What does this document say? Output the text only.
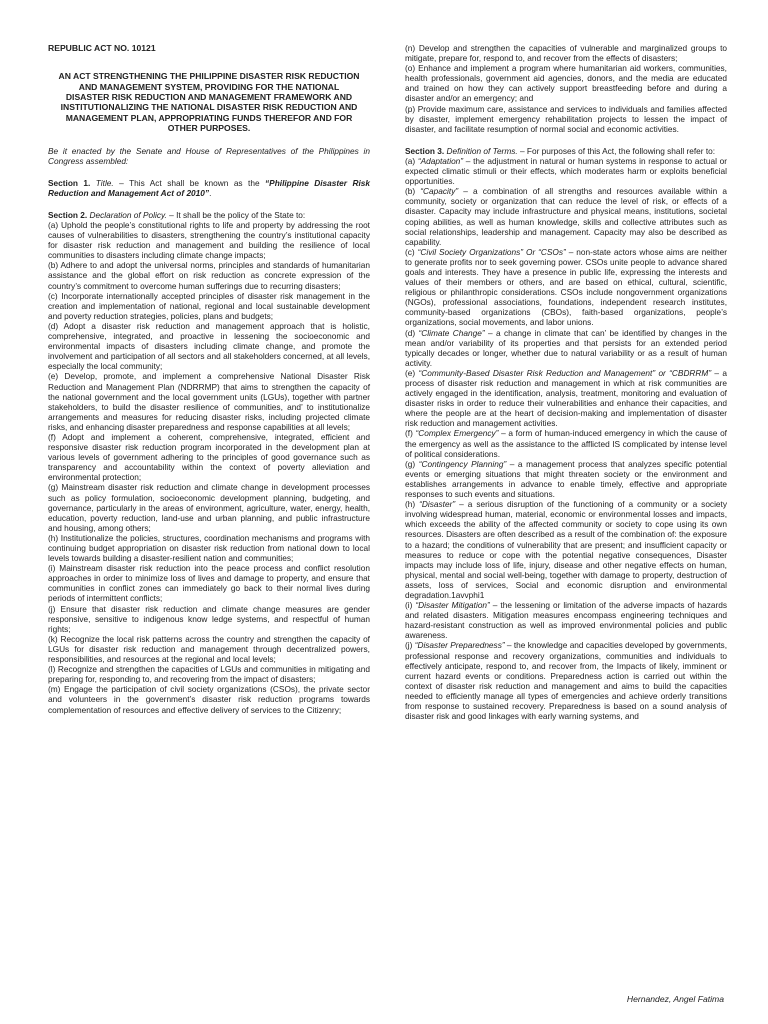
REPUBLIC ACT NO. 10121

AN ACT STRENGTHENING THE PHILIPPINE DISASTER RISK REDUCTION AND MANAGEMENT SYSTEM, PROVIDING FOR THE NATIONAL DISASTER RISK REDUCTION AND MANAGEMENT FRAMEWORK AND INSTITUTIONALIZING THE NATIONAL DISASTER RISK REDUCTION AND MANAGEMENT PLAN, APPROPRIATING FUNDS THEREFOR AND FOR OTHER PURPOSES.

Be it enacted by the Senate and House of Representatives of the Philippines in Congress assembled:

Section 1. Title. – This Act shall be known as the “Philippine Disaster Risk Reduction and Management Act of 2010”.

Section 2. Declaration of Policy. – It shall be the policy of the State to:

(a) Uphold the people’s constitutional rights to life and property by addressing the root causes of vulnerabilities to disasters, strengthening the country’s institutional capacity for disaster risk reduction and management and building the resilience of local communities to disasters including climate change impacts;

(b) Adhere to and adopt the universal norms, principles and standards of humanitarian assistance and the global effort on risk reduction as concrete expression of the country’s commitment to overcome human sufferings due to recurring disasters;

(c) Incorporate internationally accepted principles of disaster risk management in the creation and implementation of national, regional and local sustainable development and poverty reduction strategies, policies, plans and budgets;

(d) Adopt a disaster risk reduction and management approach that is holistic, comprehensive, integrated, and proactive in lessening the socioeconomic and environmental impacts of disasters including climate change, and promote the involvement and participation of all sectors and all stakeholders concerned, at all levels, especially the local community;

(e) Develop, promote, and implement a comprehensive National Disaster Risk Reduction and Management Plan (NDRRMP) that aims to strengthen the capacity of the national government and the local government units (LGUs), together with partner stakeholders, to build the disaster resilience of communities, and’ to institutionalize arrangements and measures for reducing disaster risks, including projected climate risks, and enhancing disaster preparedness and response capabilities at all levels;

(f) Adopt and implement a coherent, comprehensive, integrated, efficient and responsive disaster risk reduction program incorporated in the development plan at various levels of government adhering to the principles of good governance such as transparency and accountability within the context of poverty alleviation and environmental protection;

(g) Mainstream disaster risk reduction and climate change in development processes such as policy formulation, socioeconomic development planning, budgeting, and governance, particularly in the areas of environment, agriculture, water, energy, health, education, poverty reduction, land-use and urban planning, and public infrastructure and housing, among others;

(h) Institutionalize the policies, structures, coordination mechanisms and programs with continuing budget appropriation on disaster risk reduction from national down to local levels towards building a disaster-resilient nation and communities;

(i) Mainstream disaster risk reduction into the peace process and conflict resolution approaches in order to minimize loss of lives and damage to property, and ensure that communities in conflict zones can immediately go back to their normal lives during periods of intermittent conflicts;

(j) Ensure that disaster risk reduction and climate change measures are gender responsive, sensitive to indigenous know ledge systems, and respectful of human rights;

(k) Recognize the local risk patterns across the country and strengthen the capacity of LGUs for disaster risk reduction and management through decentralized powers, responsibilities, and resources at the regional and local levels;

(l) Recognize and strengthen the capacities of LGUs and communities in mitigating and preparing for, responding to, and recovering from the impact of disasters;

(m) Engage the participation of civil society organizations (CSOs), the private sector and volunteers in the government’s disaster risk reduction programs towards complementation of resources and effective delivery of services to the Citizenry;

(n) Develop and strengthen the capacities of vulnerable and marginalized groups to mitigate, prepare for, respond to, and recover from the effects of disasters;

(o) Enhance and implement a program where humanitarian aid workers, communities, health professionals, government aid agencies, donors, and the media are educated and trained on how they can actively support breastfeeding before and during a disaster and/or an emergency; and

(p) Provide maximum care, assistance and services to individuals and families affected by disaster, implement emergency rehabilitation projects to lessen the impact of disaster, and facilitate resumption of normal social and economic activities.

Section 3. Definition of Terms. – For purposes of this Act, the following shall refer to:

(a) “Adaptation” – the adjustment in natural or human systems in response to actual or expected climatic stimuli or their effects, which moderates harm or exploits beneficial opportunities.

(b) “Capacity” – a combination of all strengths and resources available within a community, society or organization that can reduce the level of risk, or effects of a disaster. Capacity may include infrastructure and physical means, institutions, societal coping abilities, as well as human knowledge, skills and collective attributes such as social relationships, leadership and management. Capacity may also be described as capability.

(c) “Civil Society Organizations” Or “CSOs” – non-state actors whose aims are neither to generate profits nor to seek governing power. CSOs unite people to advance shared goals and interests. They have a presence in public life, expressing the interests and values of their members or others, and are based on ethical, cultural, scientific, religious or philanthropic considerations. CSOs include nongovernment organizations (NGOs), professional associations, foundations, independent research institutes, community-based organizations (CBOs), faith-based organizations, people’s organizations, social movements, and labor unions.

(d) “Climate Change” – a change in climate that can’ be identified by changes in the mean and/or variability of its properties and that persists for an extended period typically decades or longer, whether due to natural variability or as a result of human activity.

(e) “Community-Based Disaster Risk Reduction and Management” or “CBDRRM” – a process of disaster risk reduction and management in which at risk communities are actively engaged in the identification, analysis, treatment, monitoring and evaluation of disaster risks in order to reduce their vulnerabilities and enhance their capacities, and where the people are at the heart of decision-making and implementation of disaster risk reduction and management activities.

(f) “Complex Emergency” – a form of human-induced emergency in which the cause of the emergency as well as the assistance to the afflicted IS complicated by intense level of political considerations.

(g) “Contingency Planning” – a management process that analyzes specific potential events or emerging situations that might threaten society or the environment and establishes arrangements in advance to enable timely, effective and appropriate responses to such events and situations.

(h) “Disaster” – a serious disruption of the functioning of a community or a society involving widespread human, material, economic or environmental losses and impacts, which exceeds the ability of the affected community or society to cope using its own resources. Disasters are often described as a result of the combination of: the exposure to a hazard; the conditions of vulnerability that are present; and insufficient capacity or measures to reduce or cope with the potential negative consequences, Disaster impacts may include loss of life, injury, disease and other negative effects on human, physical, mental and social well-being, together with damage to property, destruction of assets, loss of services, Social and economic disruption and environmental degradation.1avvphi1

(i) “Disaster Mitigation” – the lessening or limitation of the adverse impacts of hazards and related disasters. Mitigation measures encompass engineering techniques and hazard-resistant construction as well as improved environmental policies and public awareness.

(j) “Disaster Preparedness” – the knowledge and capacities developed by governments, professional response and recovery organizations, communities and individuals to effectively anticipate, respond to, and recover from, the Impacts of likely, imminent or current hazard events or conditions. Preparedness action is carried out within the context of disaster risk reduction and management and aims to build the capacities needed to efficiently manage all types of emergencies and achieve orderly transitions from response to sustained recovery. Preparedness is based on a sound analysis of disaster risk and good linkages with early warning systems, and

Hernandez, Angel Fatima
